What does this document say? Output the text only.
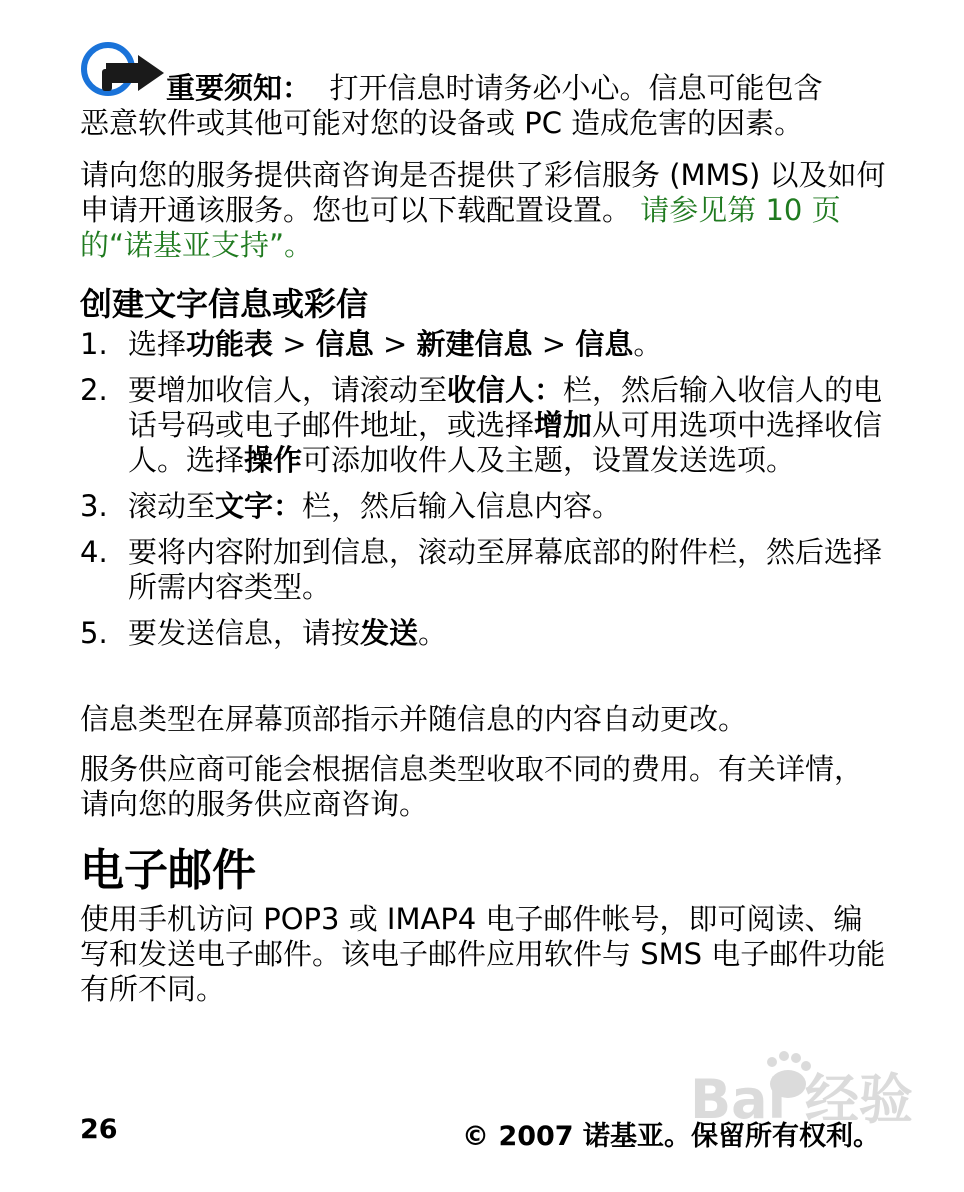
重要须知： 打开信息时请务必小心。信息可能包含

恶意软件或其他可能对您的设备或 PC 造成危害的因素。

请向您的服务提供商咨询是否提供了彩信服务 (MMS) 以及如何申请开通该服务。您也可以下载配置设置。 请参见第 10 页的“诺基亚支持”。

创建文字信息或彩信
1. 选择功能表 > 信息 > 新建信息 > 信息。
2. 要增加收信人，请滚动至收信人：栏，然后输入收信人的电话号码或电子邮件地址，或选择增加从可用选项中选择收信人。选择操作可添加收件人及主题，设置发送选项。
3. 滚动至文字：栏，然后输入信息内容。
4. 要将内容附加到信息，滚动至屏幕底部的附件栏，然后选择所需内容类型。
5. 要发送信息，请按发送。

信息类型在屏幕顶部指示并随信息的内容自动更改。

服务供应商可能会根据信息类型收取不同的费用。有关详情，请向您的服务供应商咨询。

电子邮件

使用手机访问 POP3 或 IMAP4 电子邮件帐号，即可阅读、编写和发送电子邮件。该电子邮件应用软件与 SMS 电子邮件功能有所不同。

26	© 2007 诺基亚。保留所有权利。
Bai 经验
